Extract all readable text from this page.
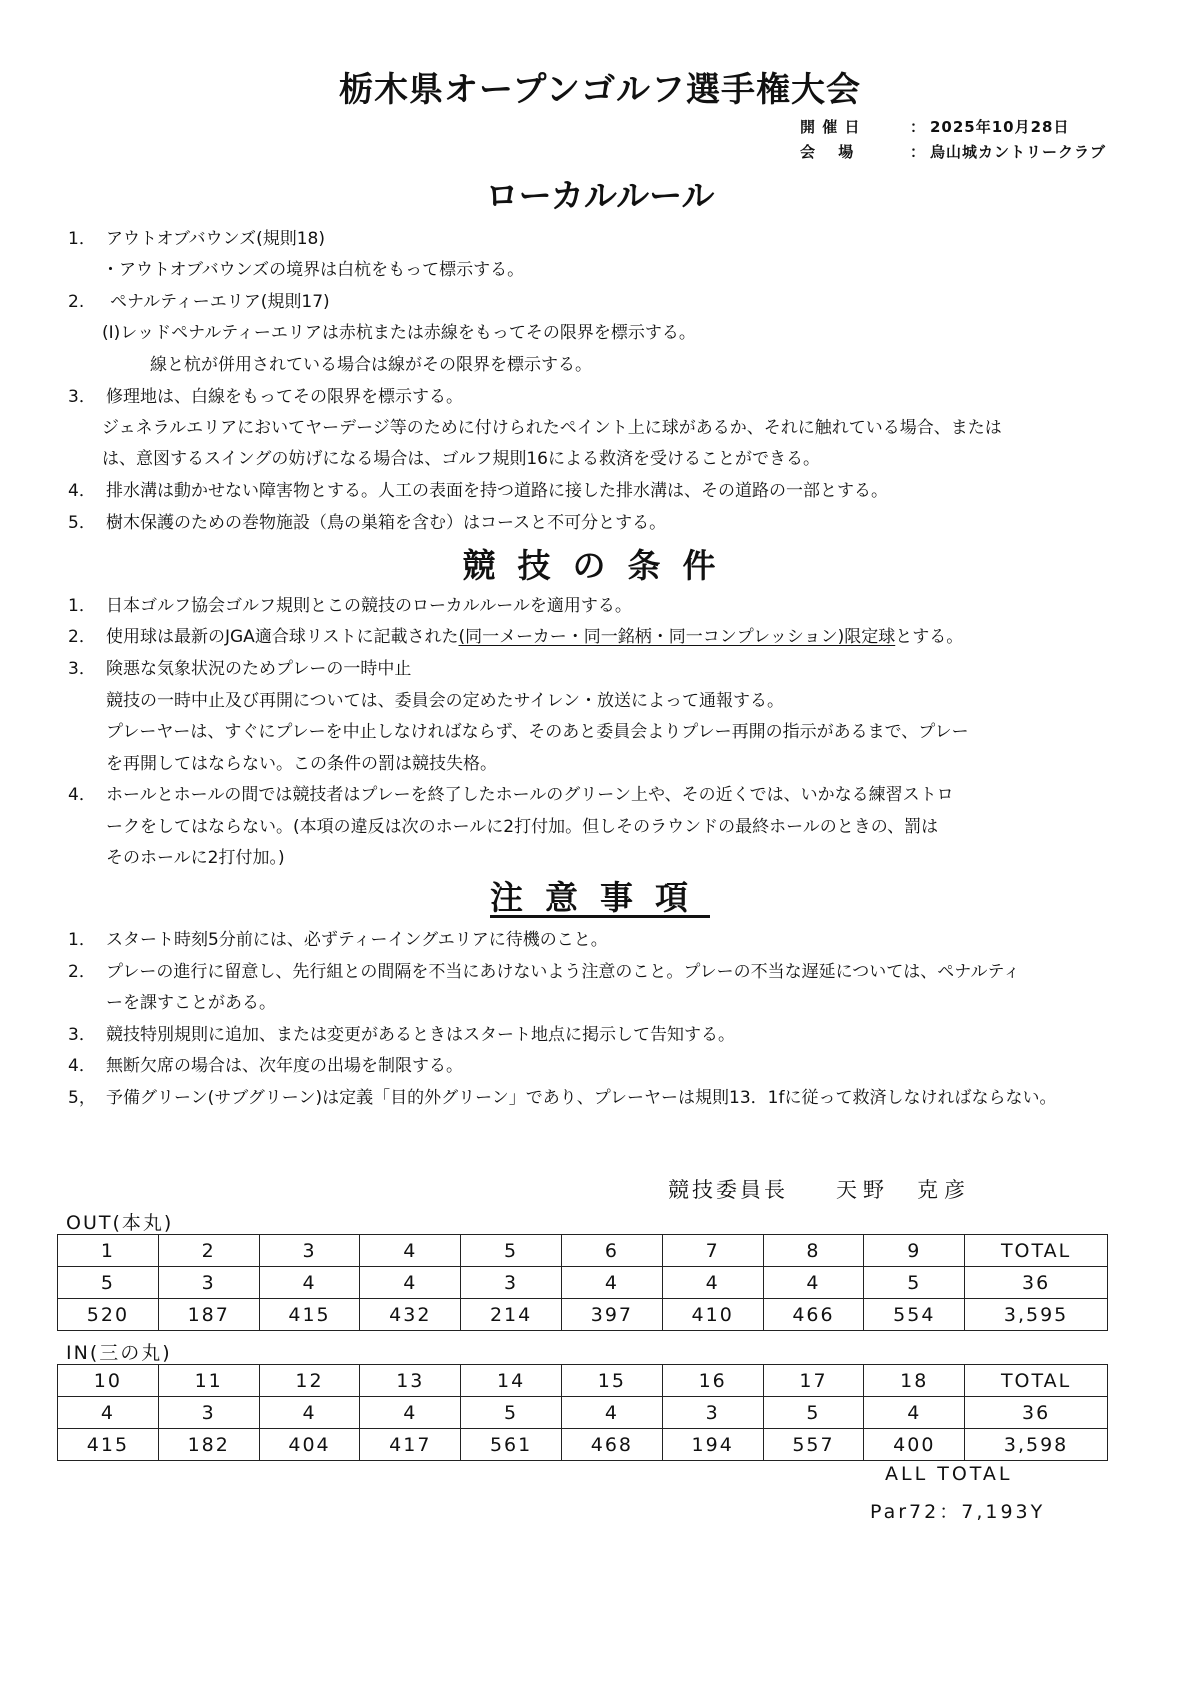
栃木県オープンゴルフ選手権大会
開 催 日	： 2025年10月28日
会　 場	： 烏山城カントリークラブ
ローカルルール
1． アウトオブバウンズ(規則18)
・アウトオブバウンズの境界は白杭をもって標示する。
2. ペナルティーエリア(規則17)
(Ⅰ)レッドペナルティーエリアは赤杭または赤線をもってその限界を標示する。
線と杭が併用されている場合は線がその限界を標示する。
3． 修理地は、白線をもってその限界を標示する。
ジェネラルエリアにおいてヤーデージ等のために付けられたペイント上に球があるか、それに触れている場合、または
は、意図するスイングの妨げになる場合は、ゴルフ規則16による救済を受けることができる。
4． 排水溝は動かせない障害物とする。人工の表面を持つ道路に接した排水溝は、その道路の一部とする。
5． 樹木保護のための巻物施設（鳥の巣箱を含む）はコースと不可分とする。
競技の条件
1． 日本ゴルフ協会ゴルフ規則とこの競技のローカルルールを適用する。
2． 使用球は最新のJGA適合球リストに記載された(同一メーカー・同一銘柄・同一コンプレッション)限定球とする。
3． 険悪な気象状況のためプレーの一時中止
競技の一時中止及び再開については、委員会の定めたサイレン・放送によって通報する。
プレーヤーは、すぐにプレーを中止しなければならず、そのあと委員会よりプレー再開の指示があるまで、プレー
を再開してはならない。この条件の罰は競技失格。
4． ホールとホールの間では競技者はプレーを終了したホールのグリーン上や、その近くでは、いかなる練習ストロ
ークをしてはならない。(本項の違反は次のホールに2打付加。但しそのラウンドの最終ホールのときの、罰は
そのホールに2打付加。)
注意事項
1． スタート時刻5分前には、必ずティーイングエリアに待機のこと。
2． プレーの進行に留意し、先行組との間隔を不当にあけないよう注意のこと。プレーの不当な遅延については、ペナルティ
ーを課すことがある。
3． 競技特別規則に追加、または変更があるときはスタート地点に掲示して告知する。
4． 無断欠席の場合は、次年度の出場を制限する。
5， 予備グリーン(サブグリーン)は定義「目的外グリーン」であり、プレーヤーは規則13．1fに従って救済しなければならない。
競技委員長 天野　克彦
OUT(本丸)
1	2	3	4	5	6	7	8	9	TOTAL
5	3	4	4	3	4	4	4	5	36
520	187	415	432	214	397	410	466	554	3,595
IN(三の丸)
10	11	12	13	14	15	16	17	18	TOTAL
4	3	4	4	5	4	3	5	4	36
415	182	404	417	561	468	194	557	400	3,598
ALL TOTAL
Par72：7,193Y
